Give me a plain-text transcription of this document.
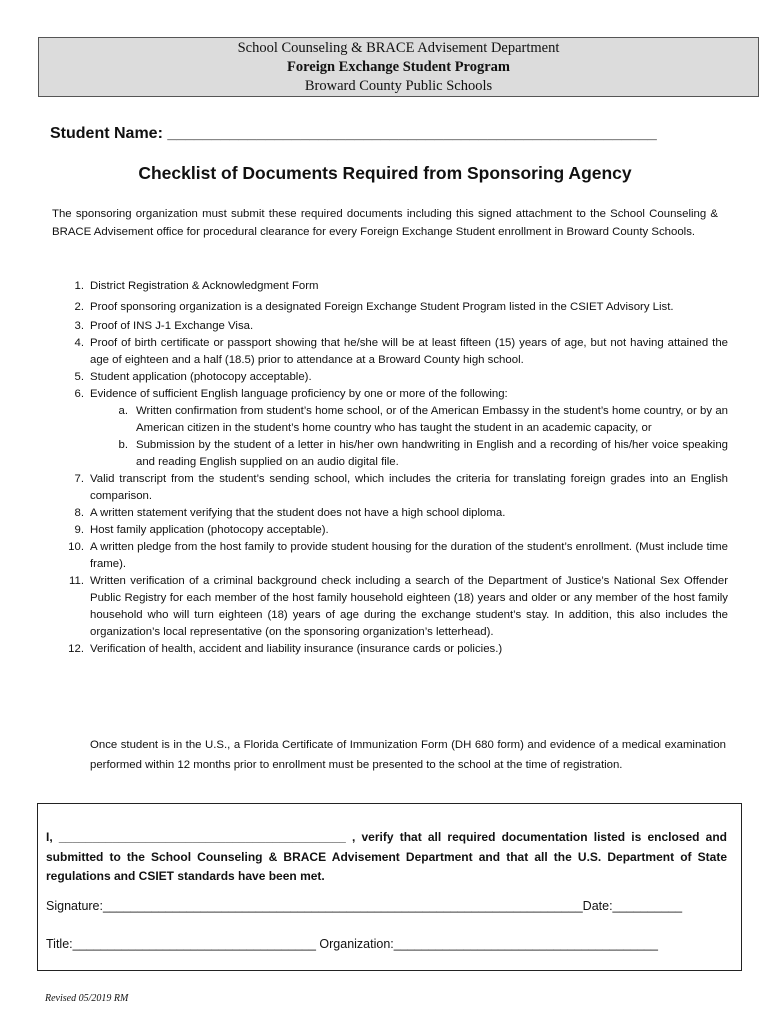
School Counseling & BRACE Advisement Department
Foreign Exchange Student Program
Broward County Public Schools
Student Name: _______________________________________________________
Checklist of Documents Required from Sponsoring Agency
The sponsoring organization must submit these required documents including this signed attachment to the School Counseling & BRACE Advisement office for procedural clearance for every Foreign Exchange Student enrollment in Broward County Schools.
1. District Registration & Acknowledgment Form
2. Proof sponsoring organization is a designated Foreign Exchange Student Program listed in the CSIET Advisory List.
3. Proof of INS J-1 Exchange Visa.
4. Proof of birth certificate or passport showing that he/she will be at least fifteen (15) years of age, but not having attained the age of eighteen and a half (18.5) prior to attendance at a Broward County high school.
5. Student application (photocopy acceptable).
6. Evidence of sufficient English language proficiency by one or more of the following:
a. Written confirmation from student’s home school, or of the American Embassy in the student’s home country, or by an American citizen in the student’s home country who has taught the student in an academic capacity, or
b. Submission by the student of a letter in his/her own handwriting in English and a recording of his/her voice speaking and reading English supplied on an audio digital file.
7. Valid transcript from the student’s sending school, which includes the criteria for translating foreign grades into an English comparison.
8. A written statement verifying that the student does not have a high school diploma.
9. Host family application (photocopy acceptable).
10. A written pledge from the host family to provide student housing for the duration of the student’s enrollment. (Must include time frame).
11. Written verification of a criminal background check including a search of the Department of Justice’s National Sex Offender Public Registry for each member of the host family household eighteen (18) years and older or any member of the host family household who will turn eighteen (18) years of age during the exchange student’s stay. In addition, this also includes the organization’s local representative (on the sponsoring organization’s letterhead).
12. Verification of health, accident and liability insurance (insurance cards or policies.)
Once student is in the U.S., a Florida Certificate of Immunization Form (DH 680 form) and evidence of a medical examination performed within 12 months prior to enrollment must be presented to the school at the time of registration.
I, ___________________________________________ , verify that all required documentation listed is enclosed and submitted to the School Counseling & BRACE Advisement Department and that all the U.S. Department of State regulations and CSIET standards have been met.
Signature:_____________________________________________________________________Date:__________
Title:___________________________________ Organization:______________________________________
Revised 05/2019 RM
